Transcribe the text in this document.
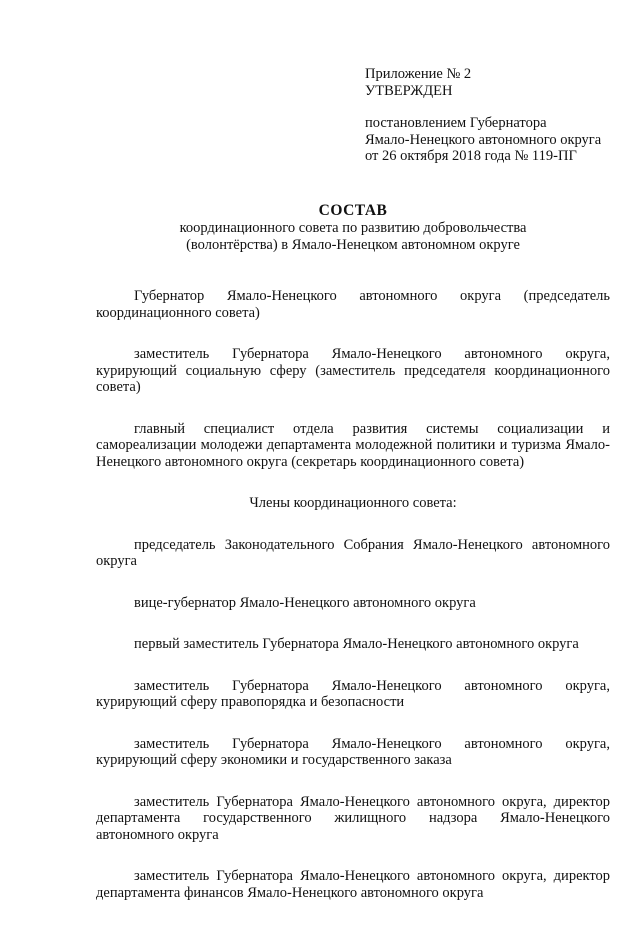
Приложение № 2
УТВЕРЖДЕН
постановлением Губернатора
Ямало-Ненецкого автономного округа
от 26 октября 2018 года № 119-ПГ
СОСТАВ
координационного совета по развитию добровольчества
(волонтёрства) в Ямало-Ненецком автономном округе

Губернатор Ямало-Ненецкого автономного округа (председатель координационного совета)

заместитель Губернатора Ямало-Ненецкого автономного округа, курирующий социальную сферу (заместитель председателя координационного совета)

главный специалист отдела развития системы социализации и самореализации молодежи департамента молодежной политики и туризма Ямало-Ненецкого автономного округа (секретарь координационного совета)

Члены координационного совета:

председатель Законодательного Собрания Ямало-Ненецкого автономного округа

вице-губернатор Ямало-Ненецкого автономного округа

первый заместитель Губернатора Ямало-Ненецкого автономного округа

заместитель Губернатора Ямало-Ненецкого автономного округа, курирующий сферу правопорядка и безопасности

заместитель Губернатора Ямало-Ненецкого автономного округа, курирующий сферу экономики и государственного заказа

заместитель Губернатора Ямало-Ненецкого автономного округа, директор департамента государственного жилищного надзора Ямало-Ненецкого автономного округа

заместитель Губернатора Ямало-Ненецкого автономного округа, директор департамента финансов Ямало-Ненецкого автономного округа
